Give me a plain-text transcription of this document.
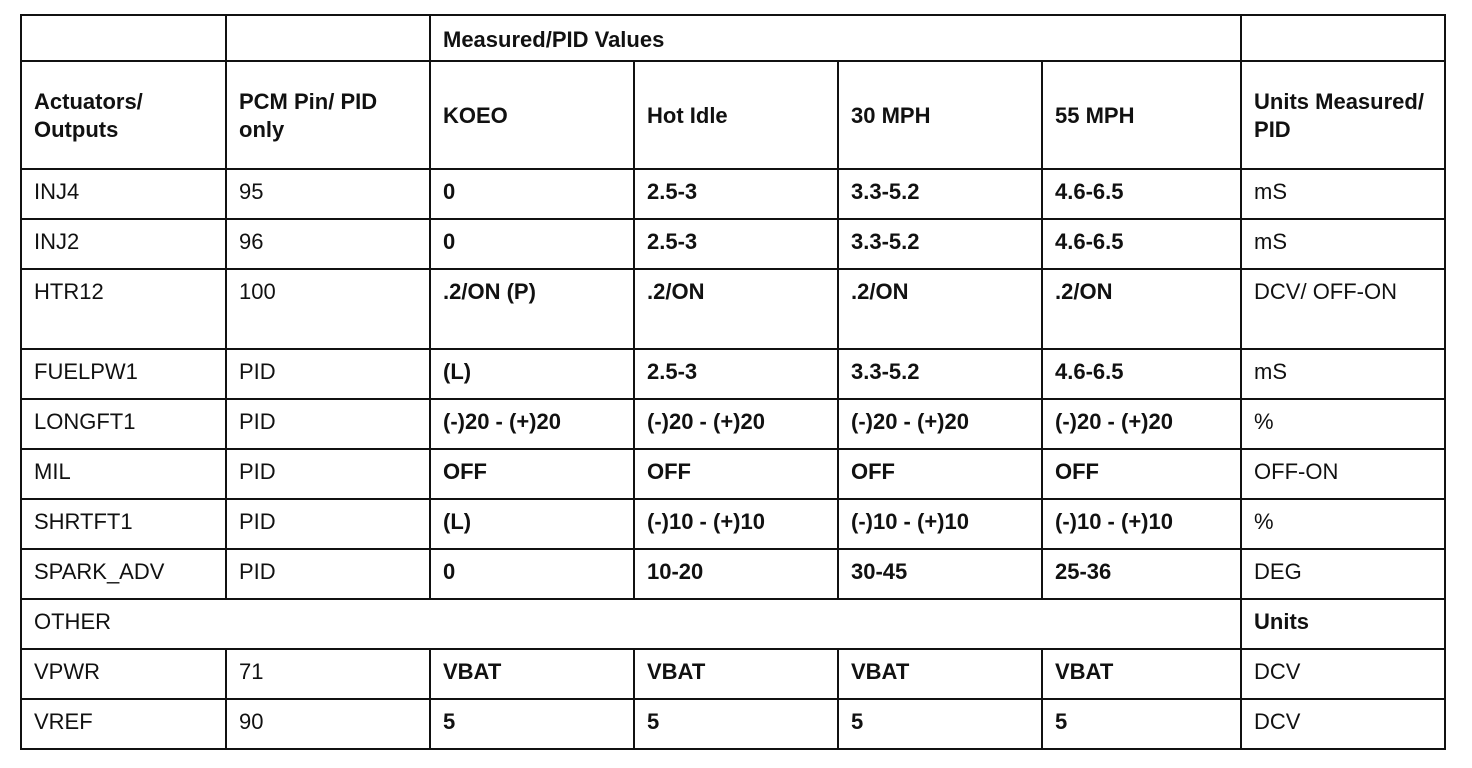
		Measured/PID Values				
Actuators/ Outputs	PCM Pin/ PID only	KOEO	Hot Idle	30 MPH	55 MPH	Units Measured/ PID
INJ4	95	0	2.5-3	3.3-5.2	4.6-6.5	mS
INJ2	96	0	2.5-3	3.3-5.2	4.6-6.5	mS
HTR12	100	.2/ON (P)	.2/ON	.2/ON	.2/ON	DCV/ OFF-ON
FUELPW1	PID	(L)	2.5-3	3.3-5.2	4.6-6.5	mS
LONGFT1	PID	(-)20 - (+)20	(-)20 - (+)20	(-)20 - (+)20	(-)20 - (+)20	%
MIL	PID	OFF	OFF	OFF	OFF	OFF-ON
SHRTFT1	PID	(L)	(-)10 - (+)10	(-)10 - (+)10	(-)10 - (+)10	%
SPARK_ADV	PID	0	10-20	30-45	25-36	DEG
OTHER						Units
VPWR	71	VBAT	VBAT	VBAT	VBAT	DCV
VREF	90	5	5	5	5	DCV
